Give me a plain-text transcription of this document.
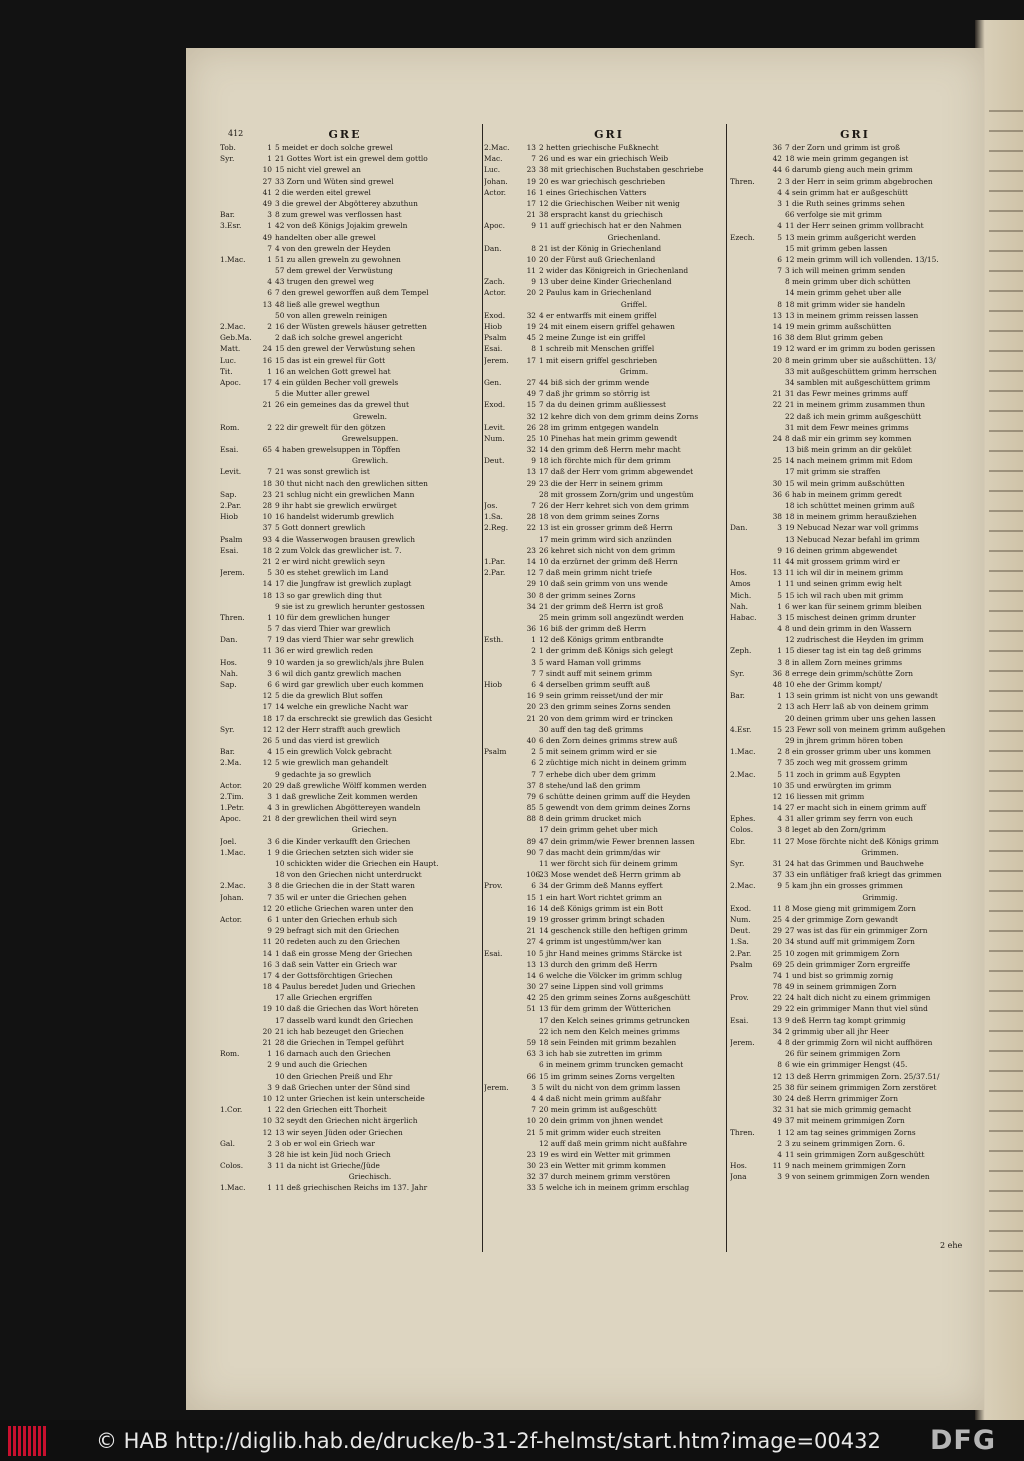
412	GRE
Tob.	1 5 meidet er doch solche grewel
Syr.	1 21 Gottes Wort ist ein grewel dem gottlo
10 15 nicht viel grewel an
27 33 Zorn und Wüten sind grewel
41 2 die werden eitel grewel
49 3 die grewel der Abgötterey abzuthun
Bar.	3 8 zum grewel was verflossen hast
3.Esr.	1 42 von deß Königs Jojakim greweln
49 handelten ober alle grewel
7 4 von den greweln der Heyden
1.Mac.	1 51 zu allen greweln zu gewohnen
57 dem grewel der Verwüstung
4 43 trugen den grewel weg
6 7 den grewel geworffen auß dem Tempel
13 48 ließ alle grewel wegthun
50 von allen greweln reinigen
2.Mac.	2 16 der Wüsten grewels häuser getretten
Geb.Ma.	2 daß ich solche grewel angericht
Matt.	24 15 den grewel der Verwüstung sehen
Luc.	16 15 das ist ein grewel für Gott
Tit.	1 16 an welchen Gott grewel hat
Apoc.	17 4 ein gülden Becher voll grewels
5 die Mutter aller grewel
21 26 ein gemeines das da grewel thut
Greweln.
Rom.	2 22 dir grewelt für den götzen
Grewelsuppen.
Esai.	65 4 haben grewelsuppen in Töpffen
Grewlich.
Levit.	7 21 was sonst grewlich ist
18 30 thut nicht nach den grewlichen sitten
Sap.	23 21 schlug nicht ein grewlichen Mann
2.Par.	28 9 ihr habt sie grewlich erwürget
Hiob	10 16 handelst widerumb grewlich
37 5 Gott donnert grewlich
Psalm	93 4 die Wasserwogen brausen grewlich
Esai.	18 2 zum Volck das grewlicher ist. 7.
21 2 er wird nicht grewlich seyn
Jerem.	5 30 es stehet grewlich im Land
14 17 die Jungfraw ist grewlich zuplagt
18 13 so gar grewlich ding thut
9 sie ist zu grewlich herunter gestossen
Thren.	1 10 für dem grewlichen hunger
5 7 das vierd Thier war grewlich
Dan.	7 19 das vierd Thier war sehr grewlich
11 36 er wird grewlich reden
Hos.	9 10 warden ja so grewlich/als jhre Bulen
Nah.	3 6 wil dich gantz grewlich machen
Sap.	6 6 wird gar grewlich uber euch kommen
12 5 die da grewlich Blut soffen
17 14 welche ein grewliche Nacht war
18 17 da erschreckt sie grewlich das Gesicht
Syr.	12 12 der Herr strafft auch grewlich
26 5 und das vierd ist grewlich
Bar.	4 15 ein grewlich Volck gebracht
2.Ma.	12 5 wie grewlich man gehandelt
9 gedachte ja so grewlich
Actor.	20 29 daß grewliche Wölff kommen werden
2.Tim.	3 1 daß grewliche Zeit kommen werden
1.Petr.	4 3 in grewlichen Abgöttereyen wandeln
Apoc.	21 8 der grewlichen theil wird seyn
Griechen.
Joel.	3 6 die Kinder verkaufft den Griechen
1.Mac.	1 9 die Griechen setzten sich wider sie
10 schickten wider die Griechen ein Haupt.
18 von den Griechen nicht unterdruckt
2.Mac.	3 8 die Griechen die in der Statt waren
Johan.	7 35 wil er unter die Griechen gehen
12 20 etliche Griechen waren unter den
Actor.	6 1 unter den Griechen erhub sich
9 29 befragt sich mit den Griechen
11 20 redeten auch zu den Griechen
14 1 daß ein grosse Meng der Griechen
16 3 daß sein Vatter ein Griech war
17 4 der Gottsförchtigen Griechen
18 4 Paulus beredet Juden und Griechen
17 alle Griechen ergriffen
19 10 daß die Griechen das Wort höreten
17 dasselb ward kundt den Griechen
20 21 ich hab bezeuget den Griechen
21 28 die Griechen in Tempel geführt
Rom.	1 16 darnach auch den Griechen
2 9 und auch die Griechen
10 den Griechen Preiß und Ehr
3 9 daß Griechen unter der Sünd sind
10 12 unter Griechen ist kein unterscheide
1.Cor.	1 22 den Griechen eitt Thorheit
10 32 seydt den Griechen nicht ärgerlich
12 13 wir seyen Jüden oder Griechen
Gal.	2 3 ob er wol ein Griech war
3 28 hie ist kein Jüd noch Griech
Colos.	3 11 da nicht ist Grieche/Jüde
Griechisch.
1.Mac.	1 11 deß griechischen Reichs im 137. Jahr
GRI
2.Mac. 13 2 hetten griechische Fußknecht
Mac.	7 26 und es war ein griechisch Weib
Luc.	23 38 mit griechischen Buchstaben geschriebe
Johan.	19 20 es war griechisch geschrieben
Actor.	16 1 eines Griechischen Vatters
17 12 die Griechischen Weiber nit wenig
21 38 erspracht kanst du griechisch
Apoc.	9 11 auff griechisch hat er den Nahmen
Griechenland.
Dan.	8 21 ist der König in Griechenland
10 20 der Fürst auß Griechenland
11 2 wider das Königreich in Griechenland
Zach.	9 13 uber deine Kinder Griechenland
Actor.	20 2 Paulus kam in Griechenland
Griffel.
Exod.	32 4 er entwarffs mit einem griffel
Hiob	19 24 mit einem eisern griffel gehawen
Psalm	45 2 meine Zunge ist ein griffel
Esai.	8 1 schreib mit Menschen griffel
Jerem. 17 1 mit eisern griffel geschrieben
Grimm.
Gen.	27 44 biß sich der grimm wende
49 7 daß jhr grimm so störrig ist
Exod.	15 7 da du deinen grimm außliessest
32 12 kehre dich von dem grimm deins Zorns
Levit.	26 28 im grimm entgegen wandeln
Num.	25 10 Pinehas hat mein grimm gewendt
32 14 den grimm deß Herrn mehr macht
Deut.	9 18 ich förchte mich für dem grimm
13 17 daß der Herr vom grimm abgewendet
29 23 die der Herr in seinem grimm
28 mit grossem Zorn/grim und ungestüm
Jos.	7 26 der Herr kehret sich von dem grimm
1.Sa.	28 18 von dem grimm seines Zorns
2.Reg.	22 13 ist ein grosser grimm deß Herrn
17 mein grimm wird sich anzünden
23 26 kehret sich nicht von dem grimm
1.Par.	14 10 da erzürnet der grimm deß Herrn
2.Par.	12 7 daß mein grimm nicht triefe
29 10 daß sein grimm von uns wende
30 8 der grimm seines Zorns
34 21 der grimm deß Herrn ist groß
25 mein grimm soll angezündt werden
36 16 biß der grimm deß Herrn
Esth.	1 12 deß Königs grimm entbrandte
2 1 der grimm deß Königs sich gelegt
3 5 ward Haman voll grimms
7 7 sindt auff mit seinem grimm
Hiob	6 4 derselben grimm seufft auß
16 9 sein grimm reisset/und der mir
20 23 den grimm seines Zorns senden
21 20 von dem grimm wird er trincken
30 auff den tag deß grimms
40 6 den Zorn deines grimms strew auß
Psalm	2 5 mit seinem grimm wird er sie
6 2 züchtige mich nicht in deinem grimm
7 7 erhebe dich uber dem grimm
37 8 stehe/und laß den grimm
79 6 schütte deinen grimm auff die Heyden
85 5 gewendt von dem grimm deines Zorns
88 8 dein grimm drucket mich
17 dein grimm gehet uber mich
89 47 dein grimm/wie Fewer brennen lassen
90 7 das macht dein grimm/das wir
11 wer förcht sich für deinem grimm
10623 Mose wendet deß Herrn grimm ab
Prov.	6 34 der Grimm deß Manns eyffert
15 1 ein hart Wort richtet grimm an
16 14 deß Königs grimm ist ein Bott
19 19 grosser grimm bringt schaden
21 14 geschenck stille den heftigen grimm
27 4 grimm ist ungestümm/wer kan
Esai.	10 5 jhr Hand meines grimms Stärcke ist
13 13 durch den grimm deß Herrn
14 6 welche die Völcker im grimm schlug
30 27 seine Lippen sind voll grimms
42 25 den grimm seines Zorns außgeschütt
51 13 für dem grimm der Wütterichen
17 den Kelch seines grimms getruncken
22 ich nem den Kelch meines grimms
59 18 sein Feinden mit grimm bezahlen
63 3 ich hab sie zutretten im grimm
6 in meinem grimm truncken gemacht
66 15 im grimm seines Zorns vergelten
Jerem.	3 5 wilt du nicht von dem grimm lassen
4 4 daß nicht mein grimm außfahr
7 20 mein grimm ist außgeschütt
10 20 dein grimm von jhnen wendet
21 5 mit grimm wider euch streiten
12 auff daß mein grimm nicht außfahre
23 19 es wird ein Wetter mit grimmen
30 23 ein Wetter mit grimm kommen
32 37 durch meinem grimm verstören
33 5 welche ich in meinem grimm erschlag
GRI
36 7 der Zorn und grimm ist groß
42 18 wie mein grimm gegangen ist
44 6 darumb gieng auch mein grimm
Thren.	2 3 der Herr in seim grimm abgebrochen
4 4 sein grimm hat er außgeschütt
3 1 die Ruth seines grimms sehen
66 verfolge sie mit grimm
4 11 der Herr seinen grimm vollbracht
Ezech.	5 13 mein grimm außgericht werden
15 mit grimm geben lassen
6 12 mein grimm will ich vollenden. 13/15.
7 3 ich will meinen grimm senden
8 mein grimm uber dich schütten
14 mein grimm gehet uber alle
8 18 mit grimm wider sie handeln
13 13 in meinem grimm reissen lassen
14 19 mein grimm außschütten
16 38 dem Blut grimm geben
19 12 ward er im grimm zu boden gerissen
20 8 mein grimm uber sie außschütten. 13/
33 mit außgeschüttem grimm herrschen
34 samblen mit außgeschüttem grimm
21 31 das Fewr meines grimms auff
22 21 in meinem grimm zusammen thun
22 daß ich mein grimm außgeschütt
31 mit dem Fewr meines grimms
24 8 daß mir ein grimm sey kommen
13 biß mein grimm an dir gekület
25 14 nach meinem grimm mit Edom
17 mit grimm sie straffen
30 15 wil mein grimm außschütten
36 6 hab in meinem grimm geredt
18 ich schüttet meinen grimm auß
38 18 in meinem grimm heraußziehen
Dan.	3 19 Nebucad Nezar war voll grimms
13 Nebucad Nezar befahl im grimm
9 16 deinen grimm abgewendet
11 44 mit grossem grimm wird er
Hos.	13 11 ich wil dir in meinem grimm
Amos	1 11 und seinen grimm ewig helt
Mich.	5 15 ich wil rach uben mit grimm
Nah.	1 6 wer kan für seinem grimm bleiben
Habac.	3 15 mischest deinen grimm drunter
4 8 und dein grimm in den Wassern
12 zudrischest die Heyden im grimm
Zeph.	1 15 dieser tag ist ein tag deß grimms
3 8 in allem Zorn meines grimms
Syr.	36 8 errege dein grimm/schütte Zorn
48 10 ehe der Grimm kompt/
Bar.	1 13 sein grimm ist nicht von uns gewandt
2 13 ach Herr laß ab von deinem grimm
20 deinen grimm uber uns gehen lassen
4.Esr.	15 23 Fewr soll von meinem grimm außgehen
29 in jhrem grimm hören toben
1.Mac.	2 8 ein grosser grimm uber uns kommen
7 35 zoch weg mit grossem grimm
2.Mac.	5 11 zoch in grimm auß Egypten
10 35 und erwürgten im grimm
12 16 liessen mit grimm
14 27 er macht sich in einem grimm auff
Ephes.	4 31 aller grimm sey ferrn von euch
Colos.	3 8 leget ab den Zorn/grimm
Ebr.	11 27 Mose förchte nicht deß Königs grimm
Grimmen.
Syr.	31 24 hat das Grimmen und Bauchwehe
37 33 ein unflätiger fraß kriegt das grimmen
2.Mac.	9 5 kam jhn ein grosses grimmen
Grimmig.
Exod.	11 8 Mose gieng mit grimmigem Zorn
Num.	25 4 der grimmige Zorn gewandt
Deut.	29 27 was ist das für ein grimmiger Zorn
1.Sa.	20 34 stund auff mit grimmigem Zorn
2.Par.	25 10 zogen mit grimmigem Zorn
Psalm	69 25 dein grimmiger Zorn ergreiffe
74 1 und bist so grimmig zornig
78 49 in seinem grimmigen Zorn
Prov.	22 24 halt dich nicht zu einem grimmigen
29 22 ein grimmiger Mann thut viel sünd
Esai.	13 9 deß Herrn tag kompt grimmig
34 2 grimmig uber all jhr Heer
Jerem.	4 8 der grimmig Zorn wil nicht auffhören
26 für seinem grimmigen Zorn
8 6 wie ein grimmiger Hengst (45.
12 13 deß Herrn grimmigen Zorn. 25/37.51/
25 38 für seinem grimmigen Zorn zerstöret
30 24 deß Herrn grimmiger Zorn
32 31 hat sie mich grimmig gemacht
49 37 mit meinem grimmigen Zorn
Thren.	1 12 am tag seines grimmigen Zorns
2 3 zu seinem grimmigen Zorn. 6.
4 11 sein grimmigen Zorn außgeschütt
Hos.	11 9 nach meinem grimmigen Zorn
Jona	3 9 von seinem grimmigen Zorn wenden
2 ehe
© HAB http://diglib.hab.de/drucke/b-31-2f-helmst/start.htm?image=00432 DFG
